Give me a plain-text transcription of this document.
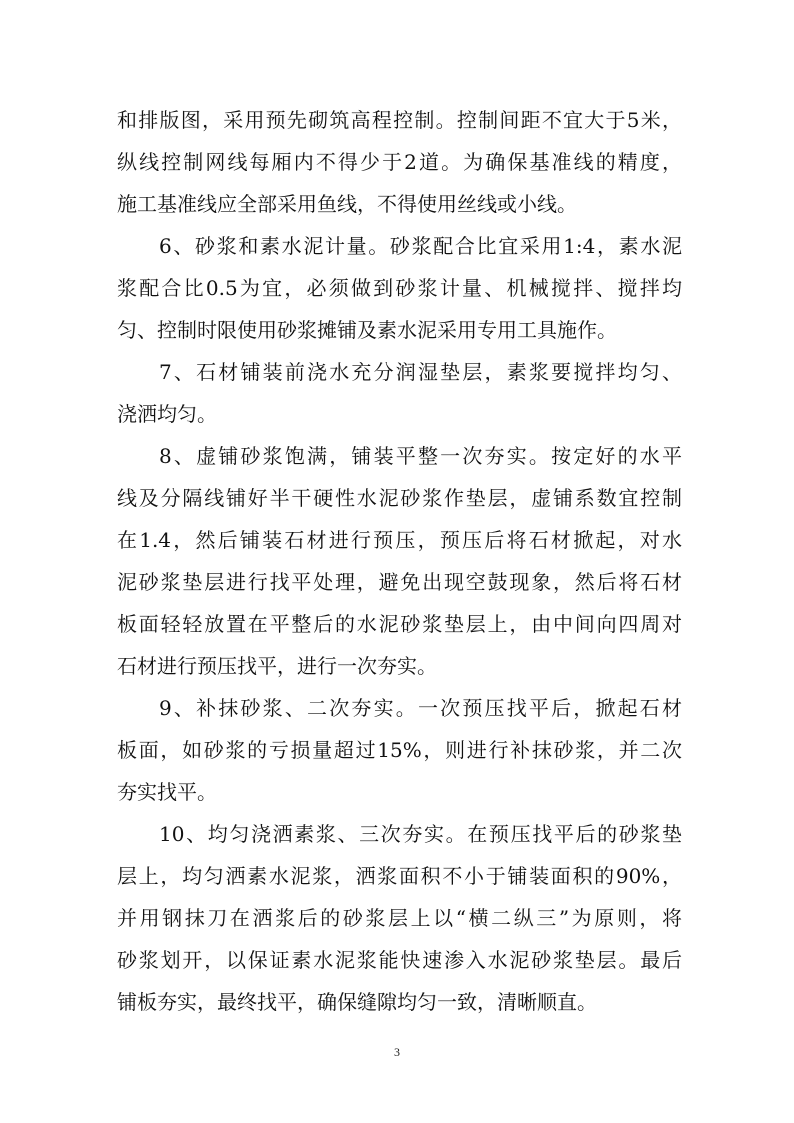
和排版图，采用预先砌筑高程控制。控制间距不宜大于5米，
纵线控制网线每厢内不得少于2道。为确保基准线的精度，
施工基准线应全部采用鱼线，不得使用丝线或小线。
6、砂浆和素水泥计量。砂浆配合比宜采用1:4，素水泥
浆配合比0.5为宜，必须做到砂浆计量、机械搅拌、搅拌均
匀、控制时限使用砂浆摊铺及素水泥采用专用工具施作。
7、石材铺装前浇水充分润湿垫层，素浆要搅拌均匀、
浇洒均匀。
8、虚铺砂浆饱满，铺装平整一次夯实。按定好的水平
线及分隔线铺好半干硬性水泥砂浆作垫层，虚铺系数宜控制
在1.4，然后铺装石材进行预压，预压后将石材掀起，对水
泥砂浆垫层进行找平处理，避免出现空鼓现象，然后将石材
板面轻轻放置在平整后的水泥砂浆垫层上，由中间向四周对
石材进行预压找平，进行一次夯实。
9、补抹砂浆、二次夯实。一次预压找平后，掀起石材
板面，如砂浆的亏损量超过15%，则进行补抹砂浆，并二次
夯实找平。
10、均匀浇洒素浆、三次夯实。在预压找平后的砂浆垫
层上，均匀洒素水泥浆，洒浆面积不小于铺装面积的90%，
并用钢抹刀在洒浆后的砂浆层上以“横二纵三”为原则，将
砂浆划开，以保证素水泥浆能快速渗入水泥砂浆垫层。最后
铺板夯实，最终找平，确保缝隙均匀一致，清晰顺直。
3
